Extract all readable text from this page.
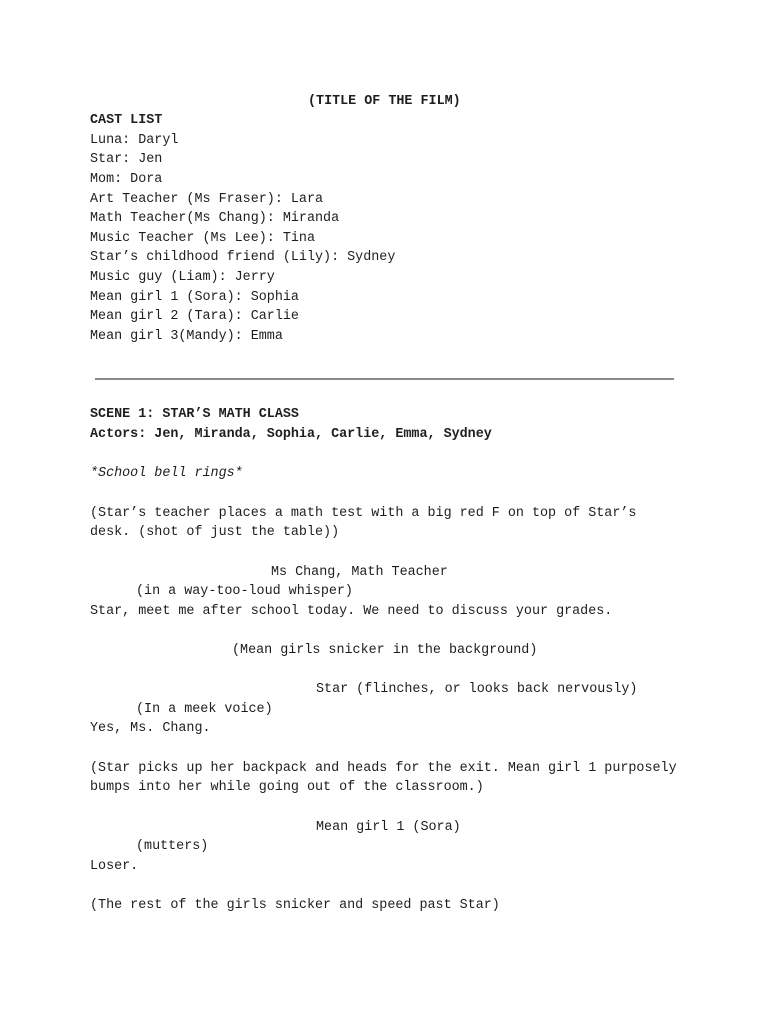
(TITLE OF THE FILM)
CAST LIST
Luna: Daryl
Star: Jen
Mom: Dora
Art Teacher (Ms Fraser): Lara
Math Teacher(Ms Chang): Miranda
Music Teacher (Ms Lee): Tina
Star’s childhood friend (Lily): Sydney
Music guy (Liam): Jerry
Mean girl 1 (Sora): Sophia
Mean girl 2 (Tara): Carlie
Mean girl 3(Mandy): Emma
SCENE 1: STAR’S MATH CLASS
Actors: Jen, Miranda, Sophia, Carlie, Emma, Sydney
*School bell rings*
(Star’s teacher places a math test with a big red F on top of Star’s
desk. (shot of just the table))
Ms Chang, Math Teacher
(in a way-too-loud whisper)
Star, meet me after school today. We need to discuss your grades.
(Mean girls snicker in the background)
Star (flinches, or looks back nervously)
(In a meek voice)
Yes, Ms. Chang.
(Star picks up her backpack and heads for the exit. Mean girl 1 purposely
bumps into her while going out of the classroom.)
Mean girl 1 (Sora)
(mutters)
Loser.
(The rest of the girls snicker and speed past Star)
